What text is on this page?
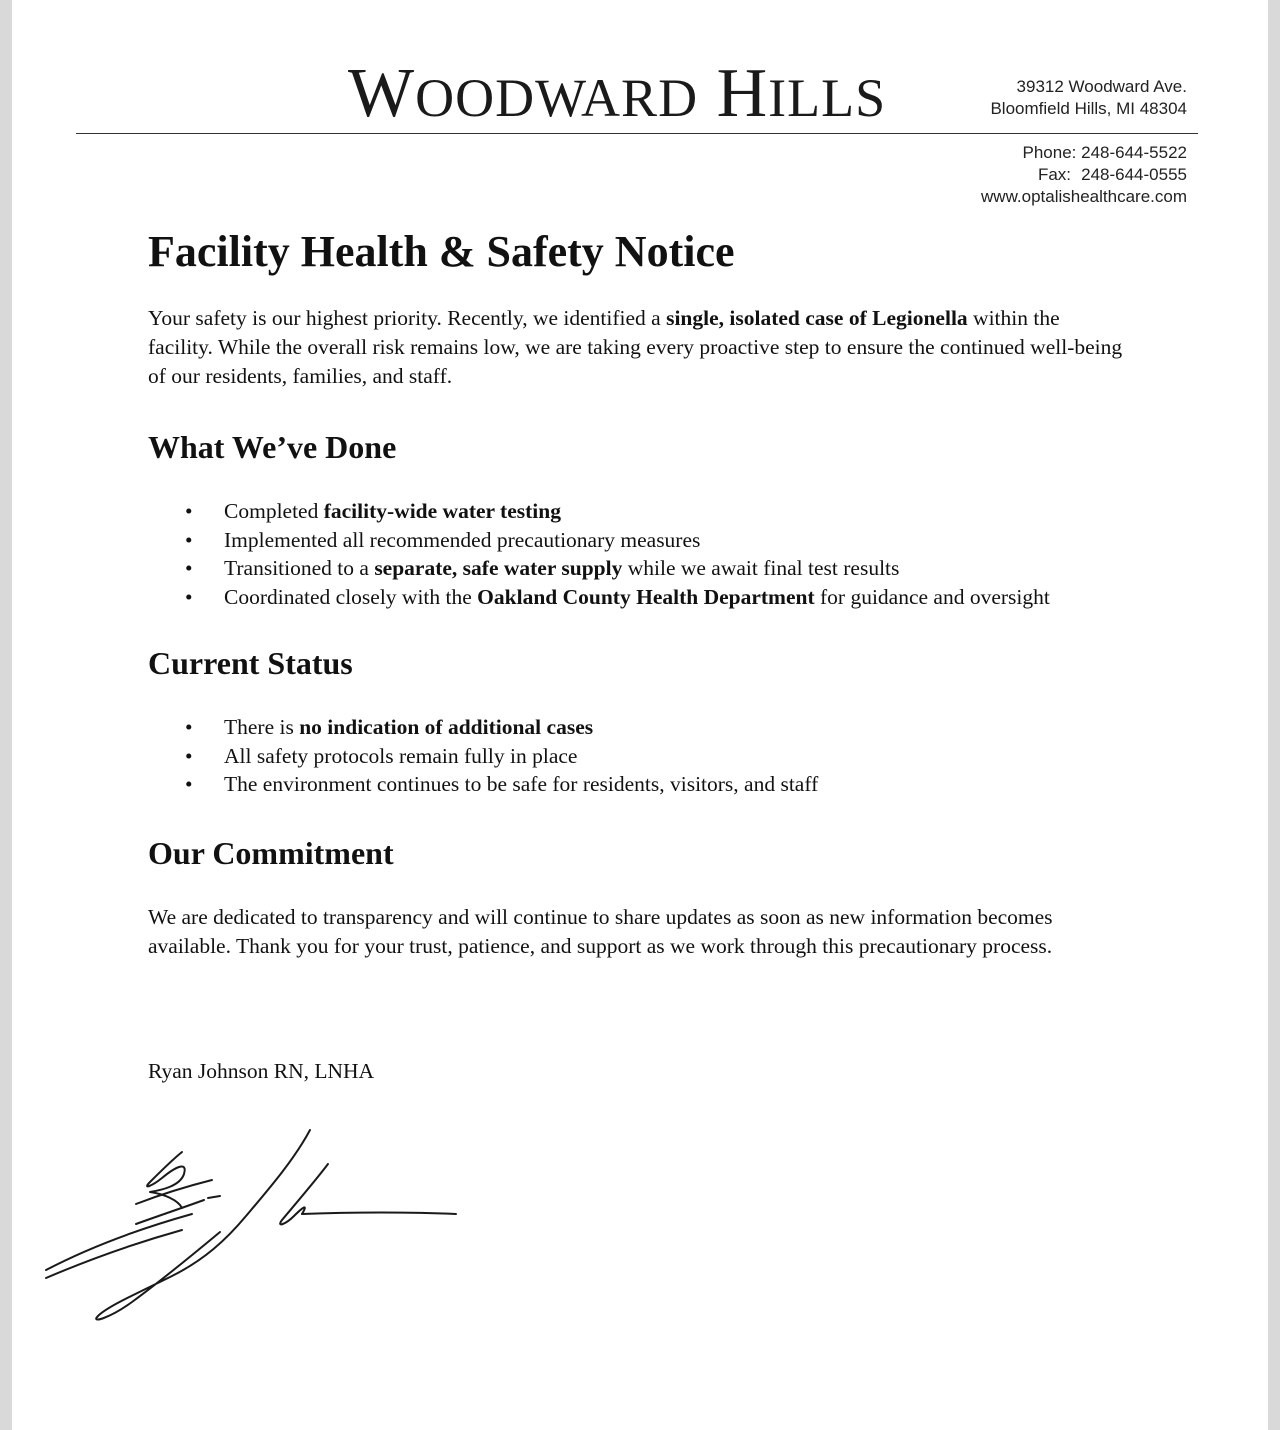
WOODWARD HILLS	39312 Woodward Ave.
Bloomfield Hills, MI 48304
Phone: 248-644-5522
Fax: 248-644-0555
www.optalishealthcare.com
Facility Health & Safety Notice

Your safety is our highest priority. Recently, we identified a single, isolated case of Legionella within the facility. While the overall risk remains low, we are taking every proactive step to ensure the continued well-being of our residents, families, and staff.

What We’ve Done
• Completed facility-wide water testing
• Implemented all recommended precautionary measures
• Transitioned to a separate, safe water supply while we await final test results
• Coordinated closely with the Oakland County Health Department for guidance and oversight
Current Status
• There is no indication of additional cases
• All safety protocols remain fully in place
• The environment continues to be safe for residents, visitors, and staff
Our Commitment

We are dedicated to transparency and will continue to share updates as soon as new information becomes available. Thank you for your trust, patience, and support as we work through this precautionary process.

Ryan Johnson RN, LNHA
